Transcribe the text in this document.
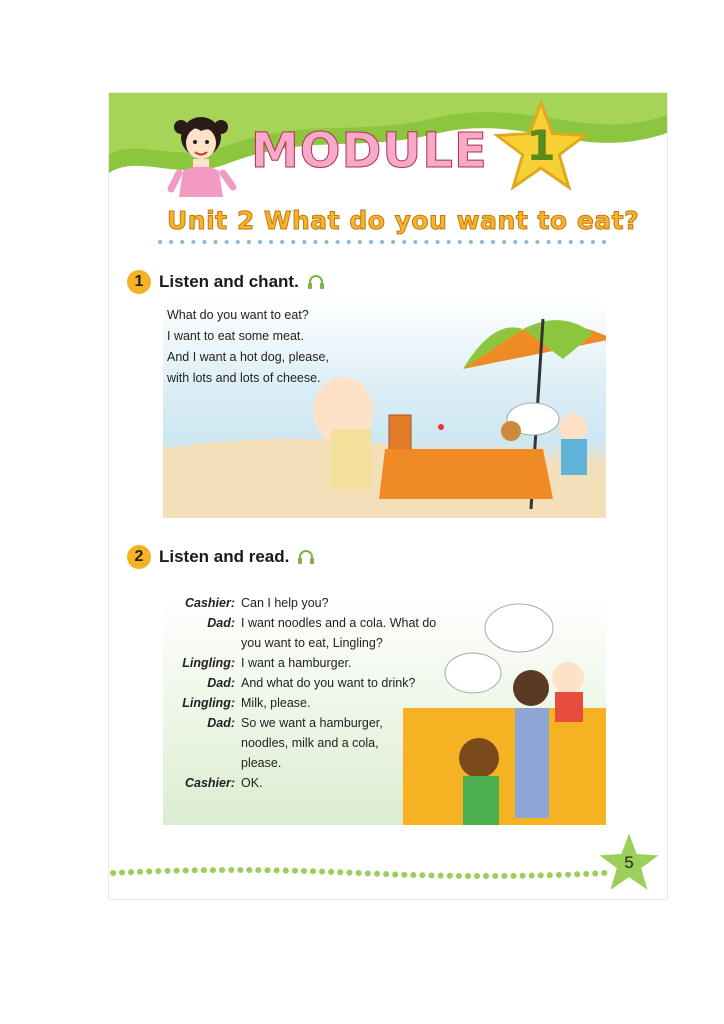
MODULE 1
Unit 2 What do you want to eat?
1 Listen and chant.
What do you want to eat?
I want to eat some meat.
And I want a hot dog, please,
with lots and lots of cheese.
2 Listen and read.
Cashier: Can I help you?
Dad: I want noodles and a cola. What do
you want to eat, Lingling?
Lingling: I want a hamburger.
Dad: And what do you want to drink?
Lingling: Milk, please.
Dad: So we want a hamburger,
noodles, milk and a cola,
please.
Cashier: OK.
5
